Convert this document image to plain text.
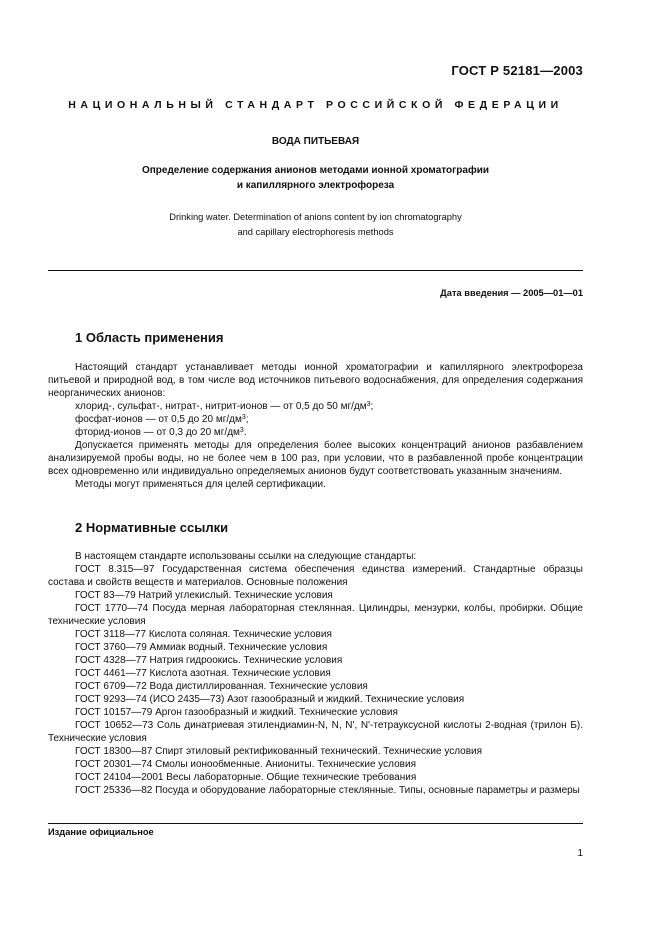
ГОСТ Р 52181—2003
НАЦИОНАЛЬНЫЙ СТАНДАРТ РОССИЙСКОЙ ФЕДЕРАЦИИ
ВОДА ПИТЬЕВАЯ
Определение содержания анионов методами ионной хроматографии
и капиллярного электрофореза
Drinking water. Determination of anions content by ion chromatography
and capillary electrophoresis methods
Дата введения — 2005—01—01
1 Область применения

Настоящий стандарт устанавливает методы ионной хроматографии и капиллярного электрофореза питьевой и природной вод, в том числе вод источников питьевого водоснабжения, для определения содержания неорганических анионов:

хлорид-, сульфат-, нитрат-, нитрит-ионов — от 0,5 до 50 $мг/дм^3$;

фосфат-ионов — от 0,5 до 20 $мг/дм^3$;

фторид-ионов — от 0,3 до 20 $мг/дм^3$.

Допускается применять методы для определения более высоких концентраций анионов разбавлением анализируемой пробы воды, но не более чем в 100 раз, при условии, что в разбавленной пробе концентрации всех одновременно или индивидуально определяемых анионов будут соответствовать указанным значениям.

Методы могут применяться для целей сертификации.

2 Нормативные ссылки

В настоящем стандарте использованы ссылки на следующие стандарты:

ГОСТ 8.315—97 Государственная система обеспечения единства измерений. Стандартные образцы состава и свойств веществ и материалов. Основные положения

ГОСТ 83—79 Натрий углекислый. Технические условия

ГОСТ 1770—74 Посуда мерная лабораторная стеклянная. Цилиндры, мензурки, колбы, пробирки. Общие технические условия

ГОСТ 3118—77 Кислота соляная. Технические условия

ГОСТ 3760—79 Аммиак водный. Технические условия

ГОСТ 4328—77 Натрия гидроокись. Технические условия

ГОСТ 4461—77 Кислота азотная. Технические условия

ГОСТ 6709—72 Вода дистиллированная. Технические условия

ГОСТ 9293—74 (ИСО 2435—73) Азот газообразный и жидкий. Технические условия

ГОСТ 10157—79 Аргон газообразный и жидкий. Технические условия

ГОСТ 10652—73 Соль динатриевая этилендиамин-N, N, N', N'-тетрауксусной кислоты 2-водная (трилон Б). Технические условия

ГОСТ 18300—87 Спирт этиловый ректификованный технический. Технические условия

ГОСТ 20301—74 Смолы ионообменные. Аниониты. Технические условия

ГОСТ 24104—2001 Весы лабораторные. Общие технические требования

ГОСТ 25336—82 Посуда и оборудование лабораторные стеклянные. Типы, основные параметры и размеры

Издание официальное
1
